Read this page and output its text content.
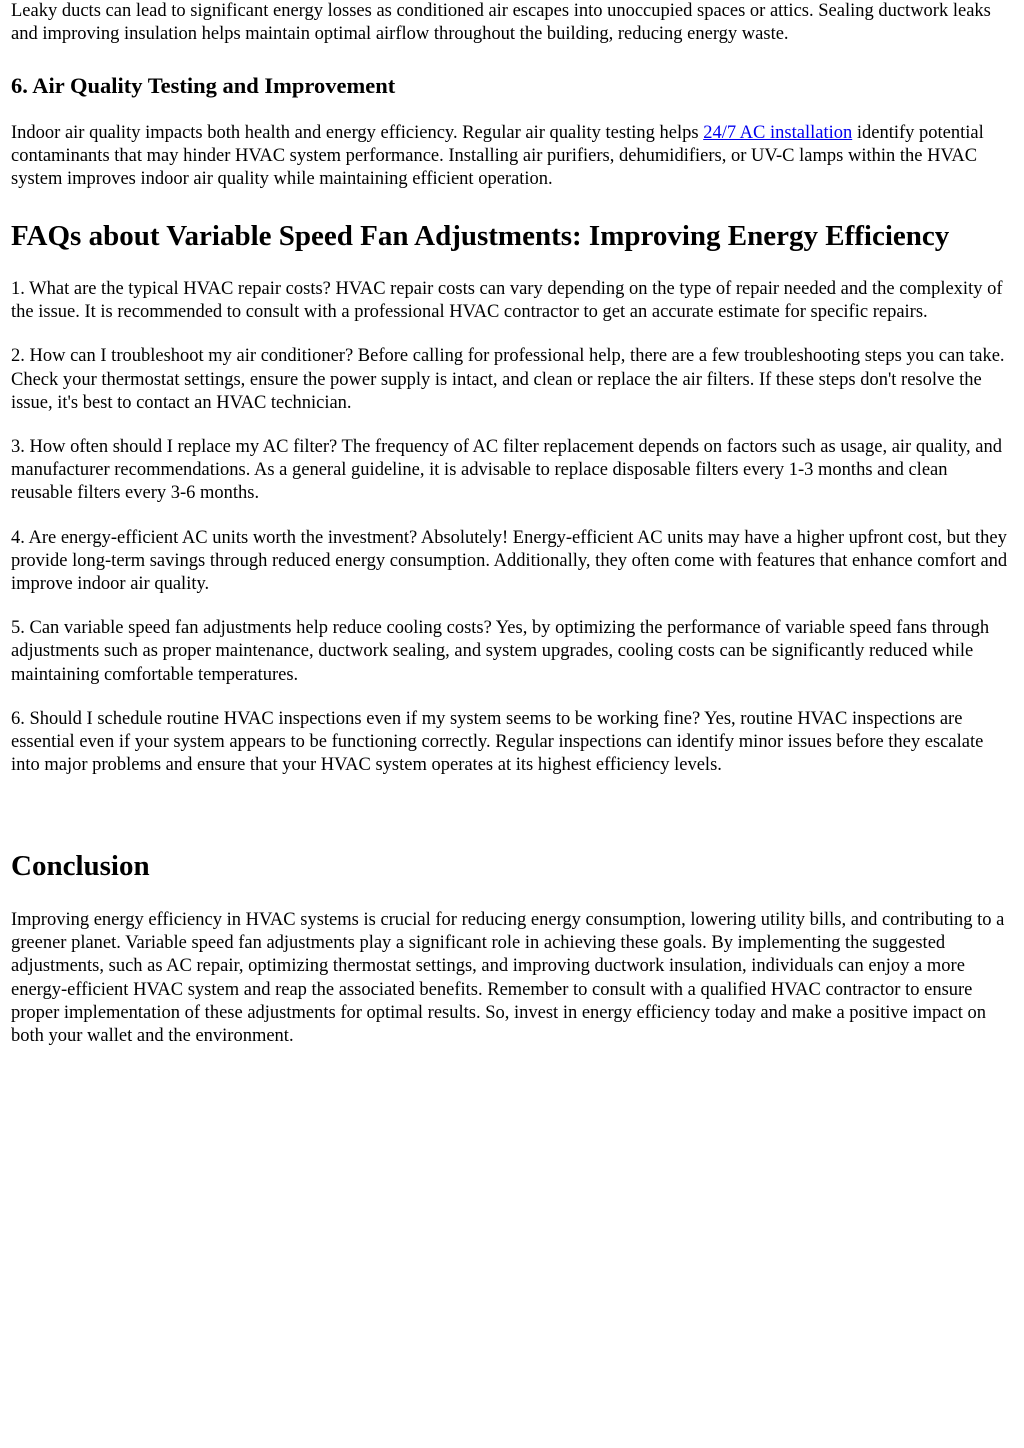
Leaky ducts can lead to significant energy losses as conditioned air escapes into unoccupied spaces or attics. Sealing ductwork leaks and improving insulation helps maintain optimal airflow throughout the building, reducing energy waste.

6. Air Quality Testing and Improvement

Indoor air quality impacts both health and energy efficiency. Regular air quality testing helps 24/7 AC installation identify potential contaminants that may hinder HVAC system performance. Installing air purifiers, dehumidifiers, or UV-C lamps within the HVAC system improves indoor air quality while maintaining efficient operation.

FAQs about Variable Speed Fan Adjustments: Improving Energy Efficiency

1. What are the typical HVAC repair costs? HVAC repair costs can vary depending on the type of repair needed and the complexity of the issue. It is recommended to consult with a professional HVAC contractor to get an accurate estimate for specific repairs.

2. How can I troubleshoot my air conditioner? Before calling for professional help, there are a few troubleshooting steps you can take. Check your thermostat settings, ensure the power supply is intact, and clean or replace the air filters. If these steps don't resolve the issue, it's best to contact an HVAC technician.

3. How often should I replace my AC filter? The frequency of AC filter replacement depends on factors such as usage, air quality, and manufacturer recommendations. As a general guideline, it is advisable to replace disposable filters every 1-3 months and clean reusable filters every 3-6 months.

4. Are energy-efficient AC units worth the investment? Absolutely! Energy-efficient AC units may have a higher upfront cost, but they provide long-term savings through reduced energy consumption. Additionally, they often come with features that enhance comfort and improve indoor air quality.

5. Can variable speed fan adjustments help reduce cooling costs? Yes, by optimizing the performance of variable speed fans through adjustments such as proper maintenance, ductwork sealing, and system upgrades, cooling costs can be significantly reduced while maintaining comfortable temperatures.

6. Should I schedule routine HVAC inspections even if my system seems to be working fine? Yes, routine HVAC inspections are essential even if your system appears to be functioning correctly. Regular inspections can identify minor issues before they escalate into major problems and ensure that your HVAC system operates at its highest efficiency levels.

Conclusion

Improving energy efficiency in HVAC systems is crucial for reducing energy consumption, lowering utility bills, and contributing to a greener planet. Variable speed fan adjustments play a significant role in achieving these goals. By implementing the suggested adjustments, such as AC repair, optimizing thermostat settings, and improving ductwork insulation, individuals can enjoy a more energy-efficient HVAC system and reap the associated benefits. Remember to consult with a qualified HVAC contractor to ensure proper implementation of these adjustments for optimal results. So, invest in energy efficiency today and make a positive impact on both your wallet and the environment.
